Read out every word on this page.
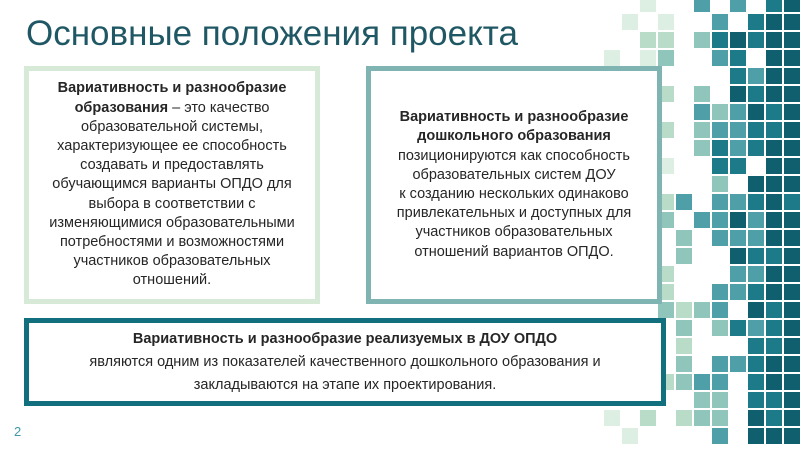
Основные положения проекта

Вариативность и разнообразие образования – это качество образовательной системы, характеризующее ее способность создавать и предоставлять обучающимся варианты ОПДО для выбора в соответствии с изменяющимися образовательными потребностями и возможностями участников образовательных отношений.

Вариативность и разнообразие дошкольного образования
позиционируются как способность
образовательных систем ДОУ
к созданию нескольких одинаково привлекательных и доступных для участников образовательных отношений вариантов ОПДО.

Вариативность и разнообразие реализуемых в ДОУ ОПДО
являются одним из показателей качественного дошкольного образования и
закладываются на этапе их проектирования.

2
